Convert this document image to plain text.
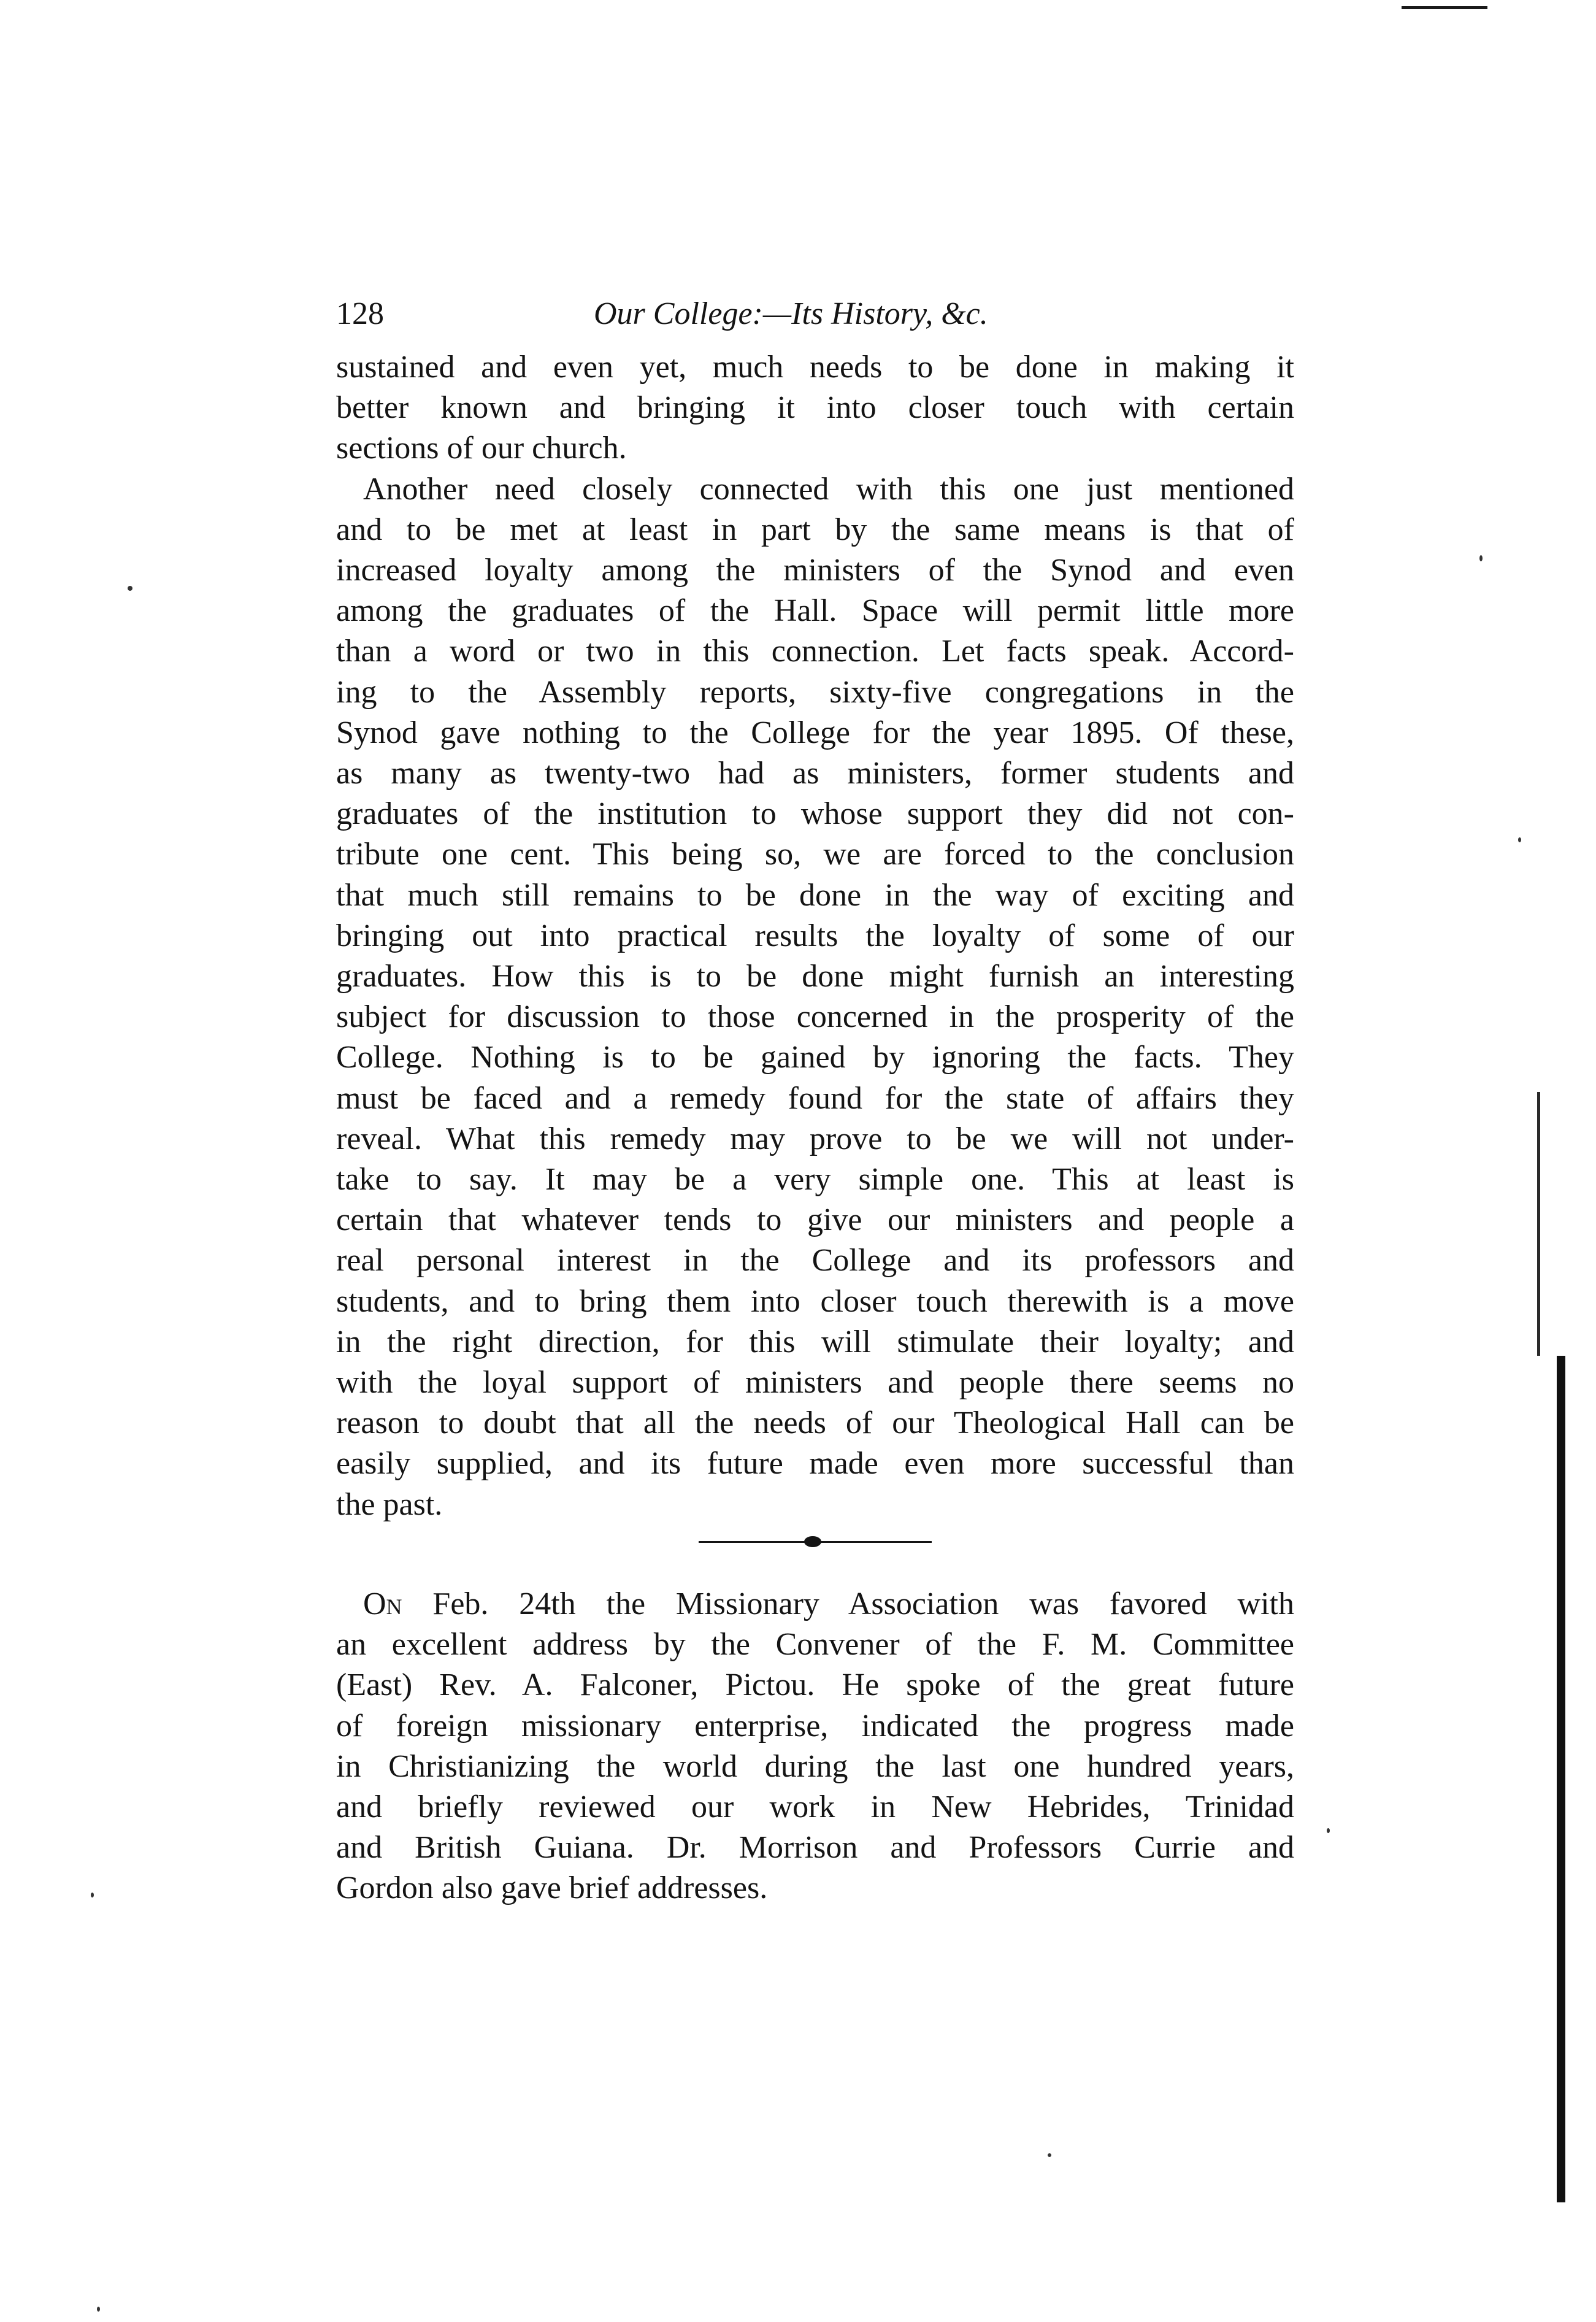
128	Our College:—Its History, &c.

sustained and even yet, much needs to be done in making it
better known and bringing it into closer touch with certain
sections of our church.

Another need closely connected with this one just mentioned
and to be met at least in part by the same means is that of
increased loyalty among the ministers of the Synod and even
among the graduates of the Hall. Space will permit little more
than a word or two in this connection. Let facts speak. Accord-
ing to the Assembly reports, sixty-five congregations in the
Synod gave nothing to the College for the year 1895. Of these,
as many as twenty-two had as ministers, former students and
graduates of the institution to whose support they did not con-
tribute one cent. This being so, we are forced to the conclusion
that much still remains to be done in the way of exciting and
bringing out into practical results the loyalty of some of our
graduates. How this is to be done might furnish an interesting
subject for discussion to those concerned in the prosperity of the
College. Nothing is to be gained by ignoring the facts. They
must be faced and a remedy found for the state of affairs they
reveal. What this remedy may prove to be we will not under-
take to say. It may be a very simple one. This at least is
certain that whatever tends to give our ministers and people a
real personal interest in the College and its professors and
students, and to bring them into closer touch therewith is a move
in the right direction, for this will stimulate their loyalty; and
with the loyal support of ministers and people there seems no
reason to doubt that all the needs of our Theological Hall can be
easily supplied, and its future made even more successful than
the past.

On Feb. 24th the Missionary Association was favored with
an excellent address by the Convener of the F. M. Committee
(East) Rev. A. Falconer, Pictou. He spoke of the great future
of foreign missionary enterprise, indicated the progress made
in Christianizing the world during the last one hundred years,
and briefly reviewed our work in New Hebrides, Trinidad
and British Guiana. Dr. Morrison and Professors Currie and
Gordon also gave brief addresses.
